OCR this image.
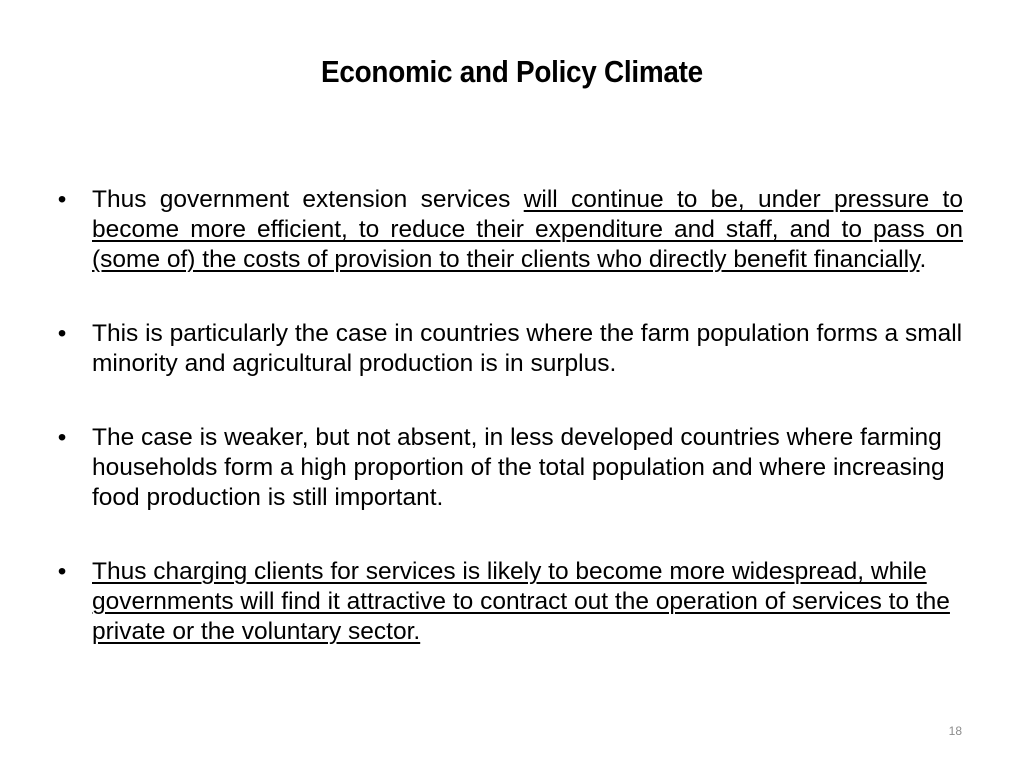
Economic and Policy Climate
• Thus government extension services will continue to be, under pressure to become more efficient, to reduce their expenditure and staff, and to pass on (some of) the costs of provision to their clients who directly benefit financially.
• This is particularly the case in countries where the farm population forms a small minority and agricultural production is in surplus.
• The case is weaker, but not absent, in less developed countries where farming households form a high proportion of the total population and where increasing food production is still important.
• Thus charging clients for services is likely to become more widespread, while governments will find it attractive to contract out the operation of services to the private or the voluntary sector.
18
